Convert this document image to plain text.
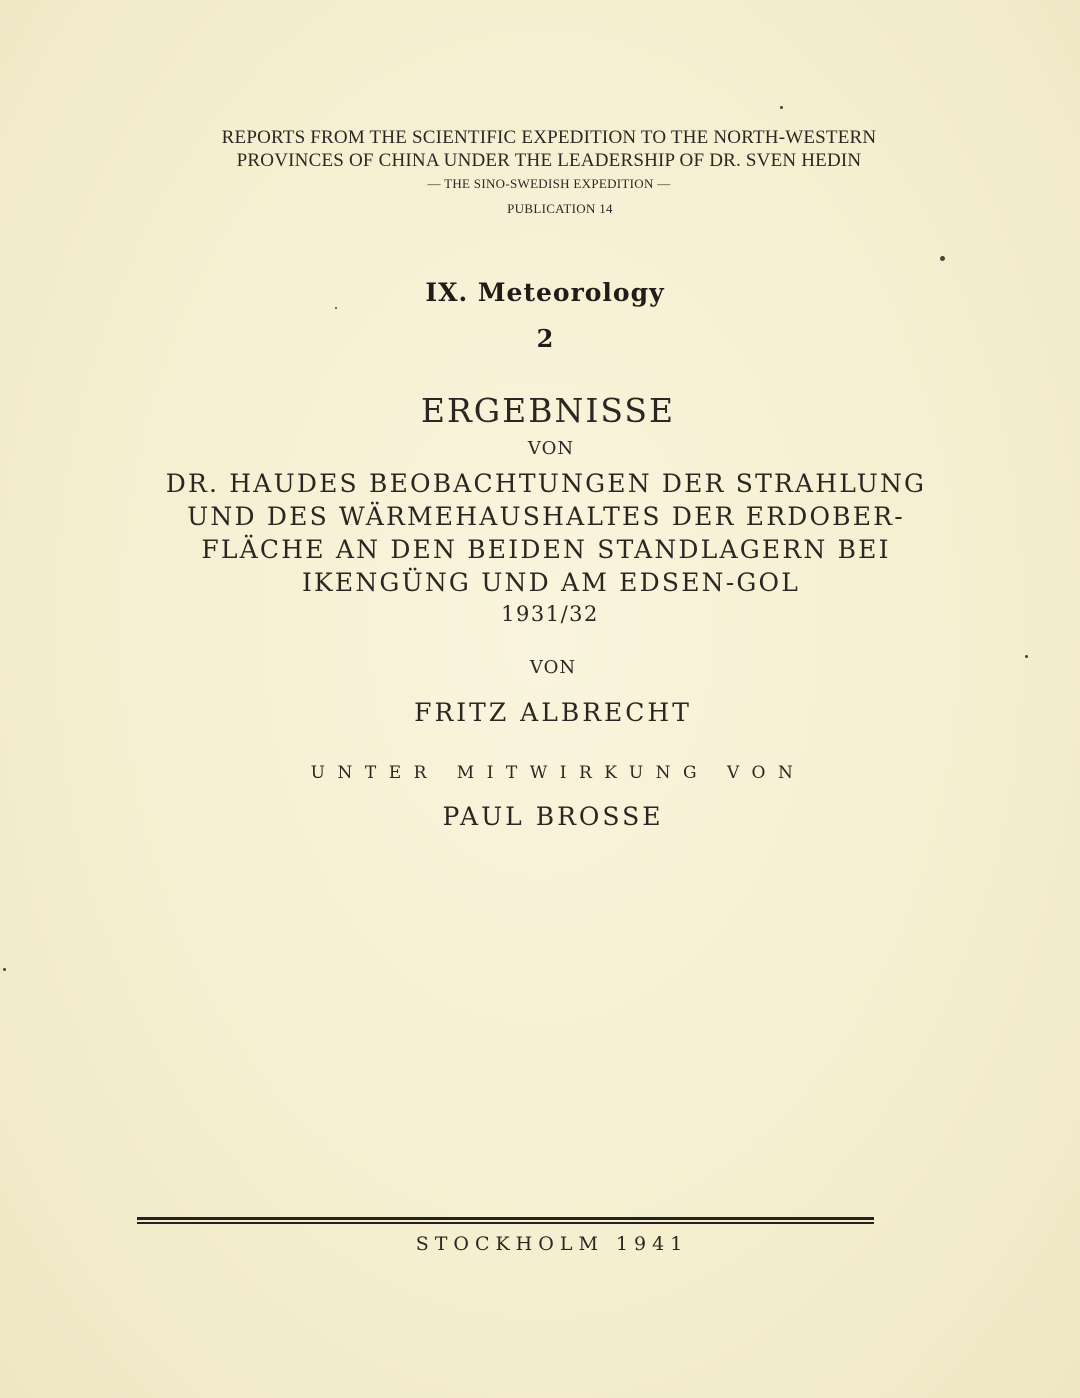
REPORTS FROM THE SCIENTIFIC EXPEDITION TO THE NORTH-WESTERN
PROVINCES OF CHINA UNDER THE LEADERSHIP OF DR. SVEN HEDIN
— THE SINO-SWEDISH EXPEDITION —
PUBLICATION 14
IX. Meteorology
2
ERGEBNISSE
VON
DR. HAUDES BEOBACHTUNGEN DER STRAHLUNG
UND DES WÄRMEHAUSHALTES DER ERDOBER-
FLÄCHE AN DEN BEIDEN STANDLAGERN BEI
IKENGÜNG UND AM EDSEN-GOL
1931/32
VON
FRITZ ALBRECHT
UNTER MITWIRKUNG VON
PAUL BROSSE
STOCKHOLM 1941
